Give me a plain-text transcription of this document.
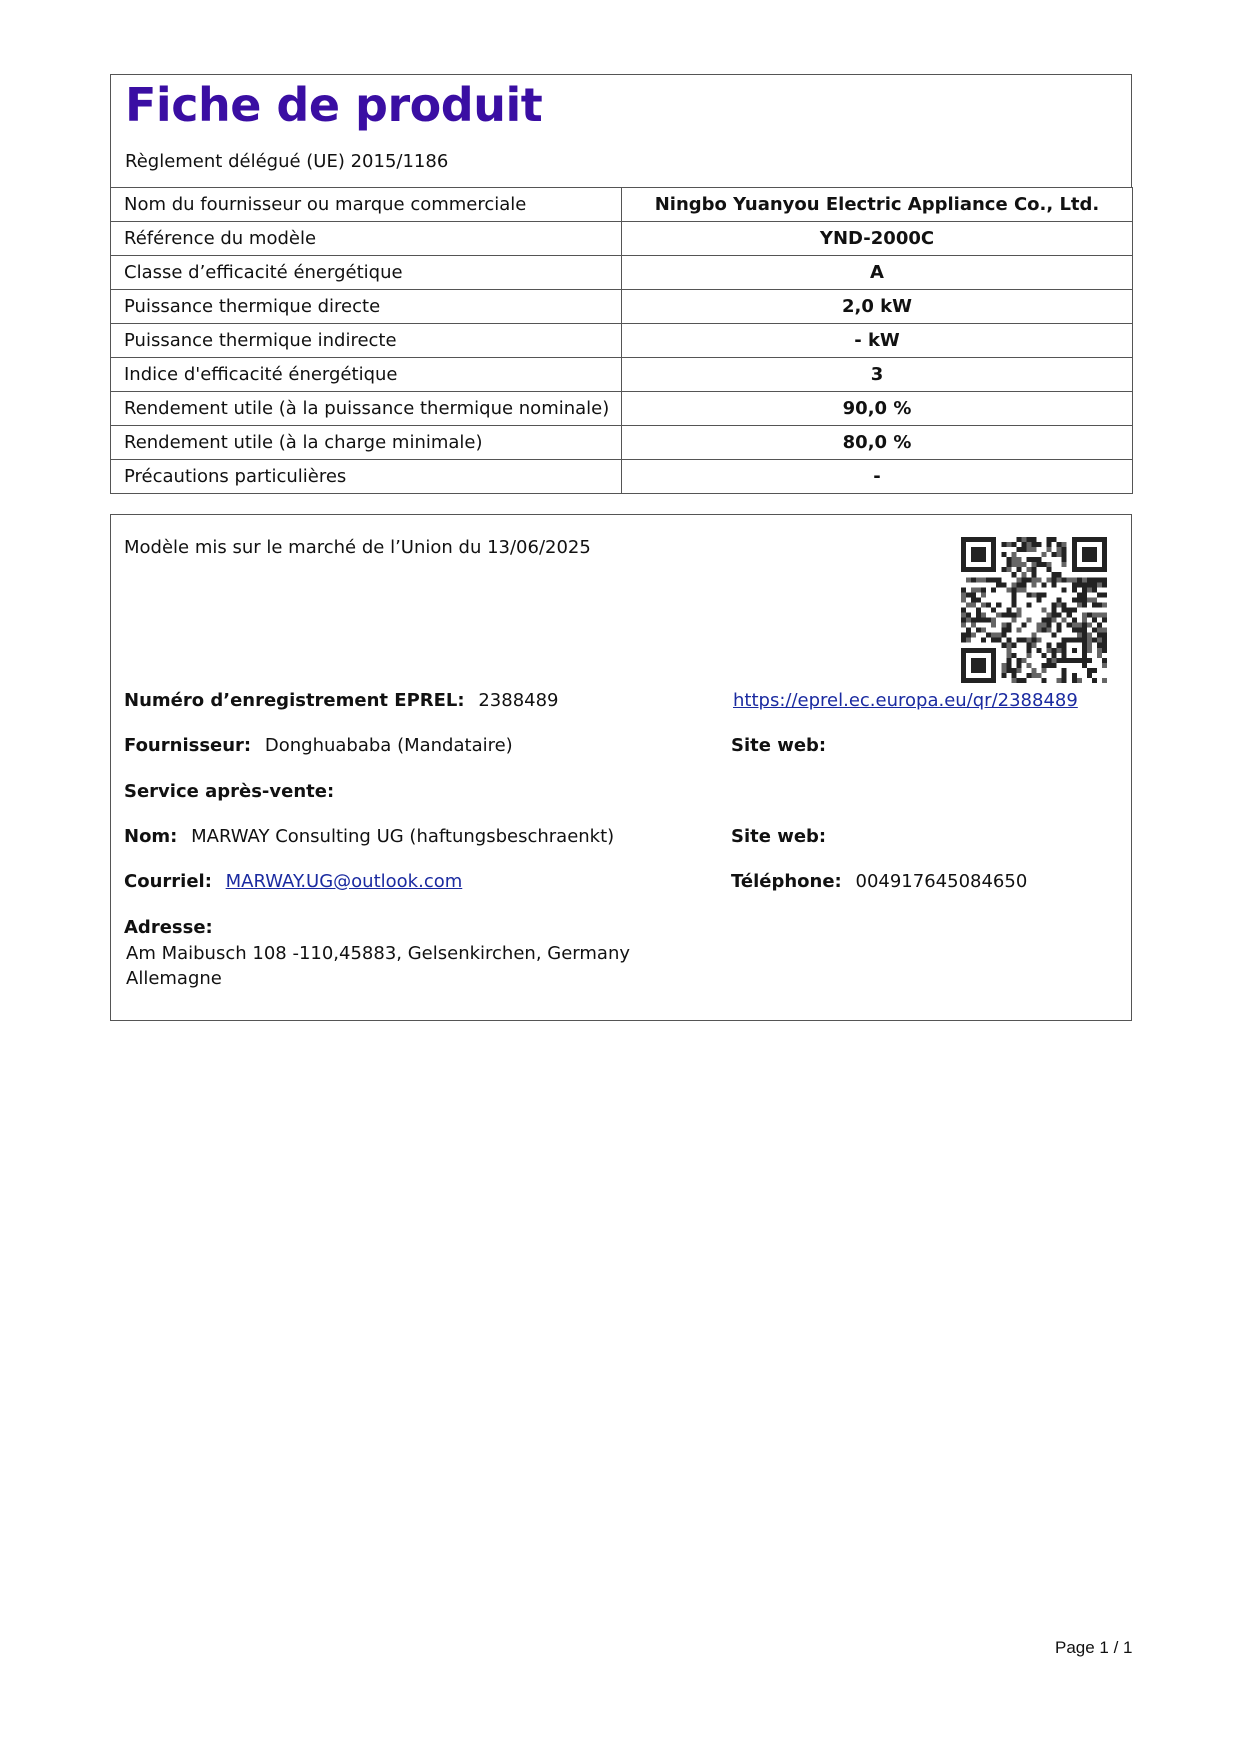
Fiche de produit
Règlement délégué (UE) 2015/1186
Nom du fournisseur ou marque commerciale	Ningbo Yuanyou Electric Appliance Co., Ltd.
Référence du modèle	YND-2000C
Classe d’efficacité énergétique	A
Puissance thermique directe	2,0 kW
Puissance thermique indirecte	- kW
Indice d'efficacité énergétique	3
Rendement utile (à la puissance thermique nominale)	90,0 %
Rendement utile (à la charge minimale)	80,0 %
Précautions particulières	-
Modèle mis sur le marché de l’Union du 13/06/2025
Numéro d’enregistrement EPREL: 2388489	https://eprel.ec.europa.eu/qr/2388489
Fournisseur: Donghuababa (Mandataire)	Site web:
Service après-vente:
Nom: MARWAY Consulting UG (haftungsbeschraenkt)	Site web:
Courriel: MARWAY.UG@outlook.com	Téléphone: 004917645084650
Adresse:
Am Maibusch 108 -110,45883, Gelsenkirchen, Germany
Allemagne
Page 1 / 1
